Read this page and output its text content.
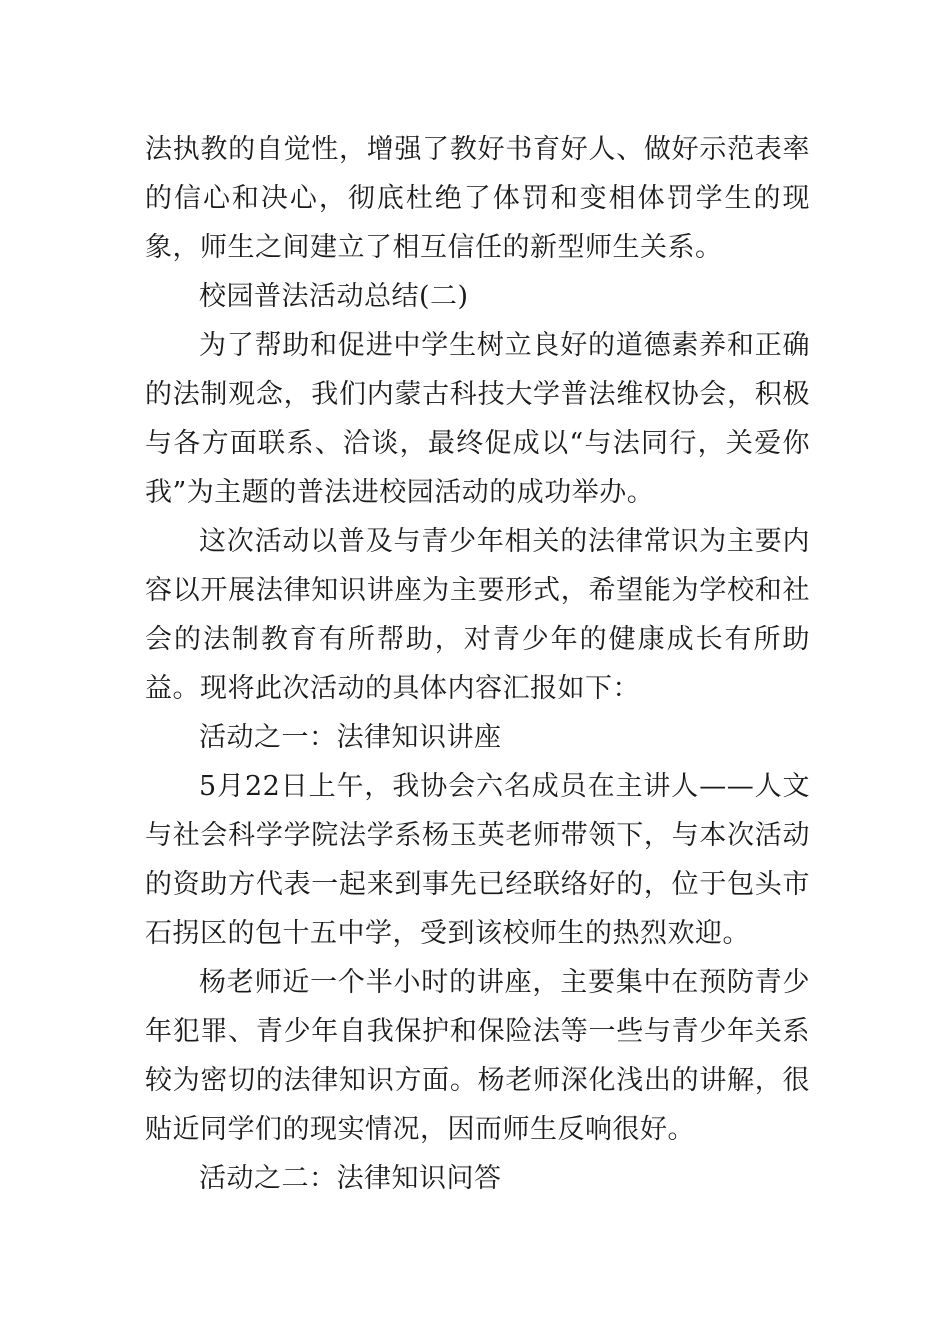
法执教的自觉性，增强了教好书育好人、做好示范表率的信心和决心，彻底杜绝了体罚和变相体罚学生的现象，师生之间建立了相互信任的新型师生关系。

校园普法活动总结(二)

为了帮助和促进中学生树立良好的道德素养和正确的法制观念，我们内蒙古科技大学普法维权协会，积极与各方面联系、洽谈，最终促成以“与法同行，关爱你我”为主题的普法进校园活动的成功举办。

这次活动以普及与青少年相关的法律常识为主要内容以开展法律知识讲座为主要形式，希望能为学校和社会的法制教育有所帮助，对青少年的健康成长有所助益。现将此次活动的具体内容汇报如下：

活动之一：法律知识讲座

5月22日上午，我协会六名成员在主讲人——人文与社会科学学院法学系杨玉英老师带领下，与本次活动的资助方代表一起来到事先已经联络好的，位于包头市石拐区的包十五中学，受到该校师生的热烈欢迎。

杨老师近一个半小时的讲座，主要集中在预防青少年犯罪、青少年自我保护和保险法等一些与青少年关系较为密切的法律知识方面。杨老师深化浅出的讲解，很贴近同学们的现实情况，因而师生反响很好。

活动之二：法律知识问答
